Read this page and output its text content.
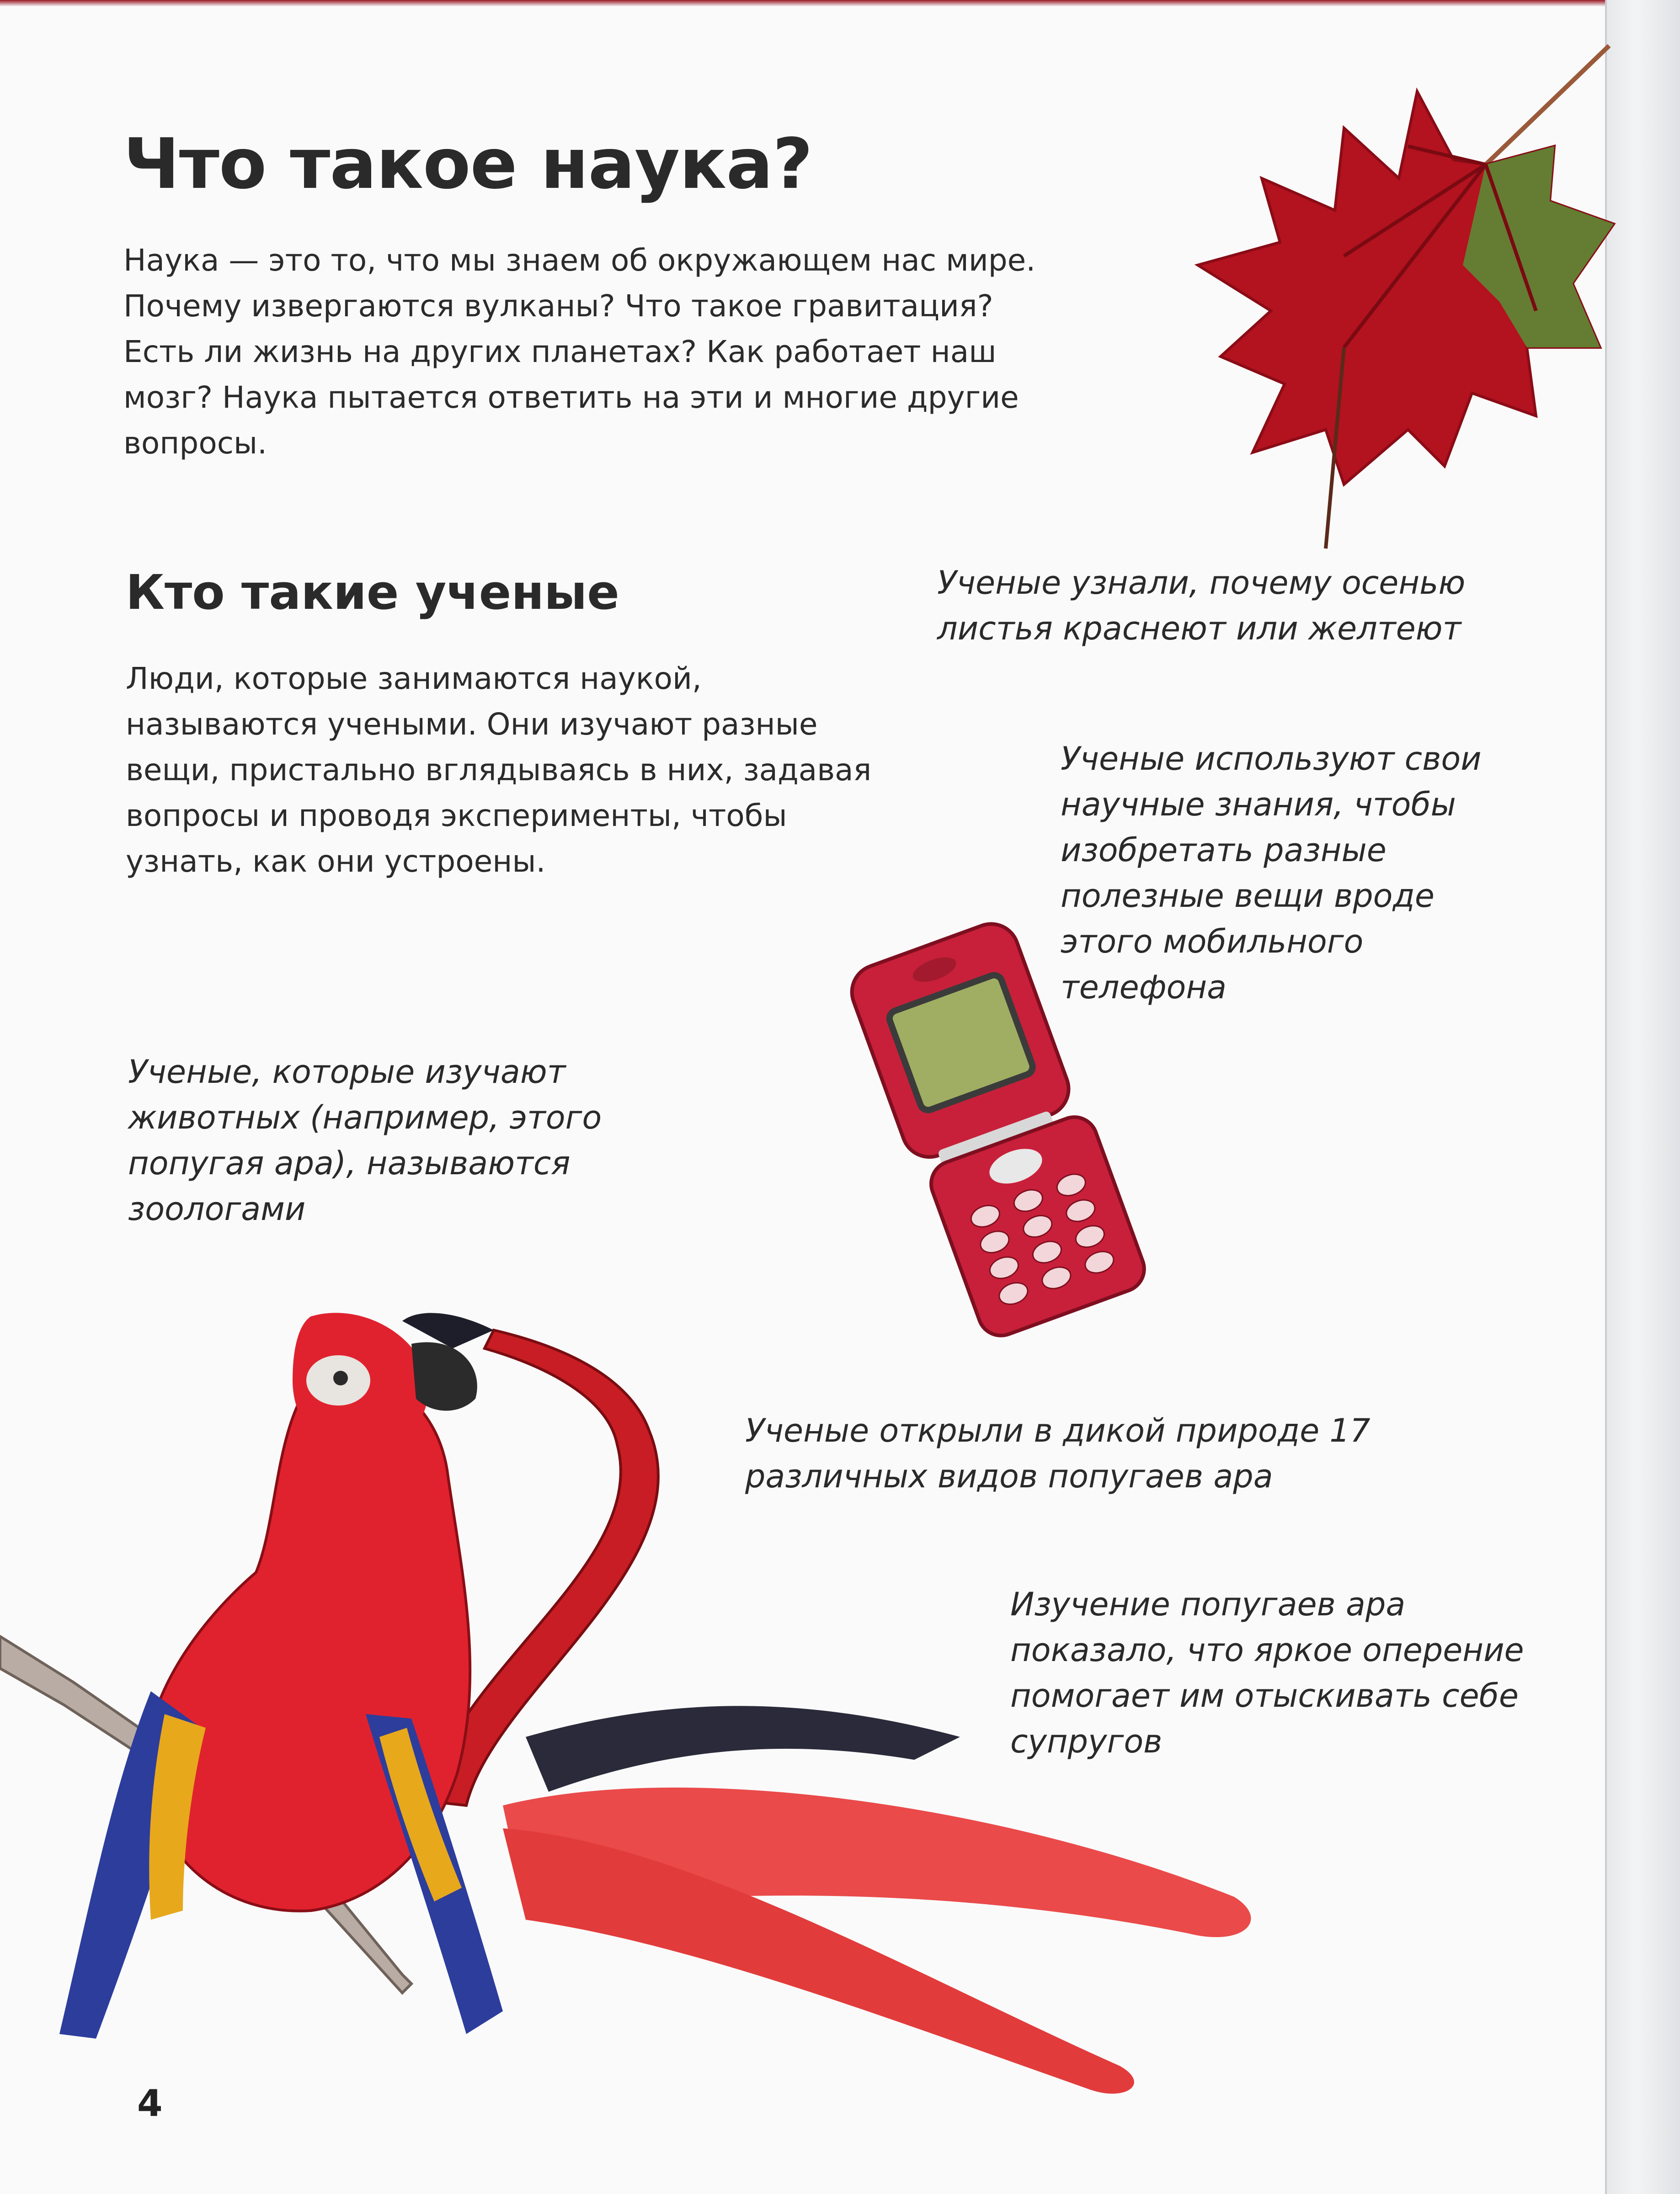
Что такое наука?

Наука — это то, что мы знаем об окружающем нас мире. Почему извергаются вулканы? Что такое гравитация? Есть ли жизнь на других планетах? Как работает наш мозг? Наука пытается ответить на эти и многие другие вопросы.

Кто такие ученые

Люди, которые занимаются наукой, называются учеными. Они изучают разные вещи, пристально вглядываясь в них, задавая вопросы и проводя эксперименты, чтобы узнать, как они устроены.

Ученые узнали, почему осенью листья краснеют или желтеют

Ученые используют свои научные знания, чтобы изобретать разные полезные вещи вроде этого мобильного телефона

Ученые, которые изучают животных (например, этого попугая ара), называются зоологами

Ученые открыли в дикой природе 17 различных видов попугаев ара

Изучение попугаев ара показало, что яркое оперение помогает им отыскивать себе супругов

4
